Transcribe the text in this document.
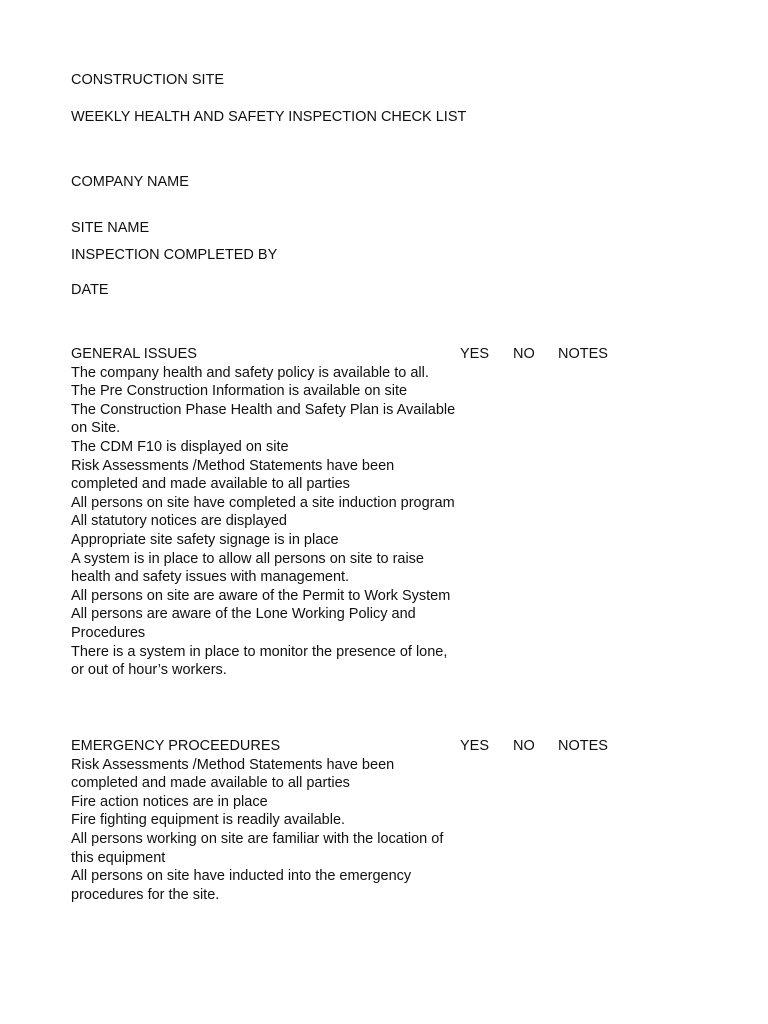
CONSTRUCTION SITE
WEEKLY HEALTH AND SAFETY INSPECTION CHECK LIST
COMPANY NAME
SITE NAME
INSPECTION COMPLETED BY
DATE
GENERAL ISSUES	YES NO NOTES
The company health and safety policy is available to all.
The Pre Construction Information is available on site
The Construction Phase Health and Safety Plan is Available on Site.
The CDM F10 is displayed on site
Risk Assessments /Method Statements have been completed and made available to all parties
All persons on site have completed a site induction program
All statutory notices are displayed
Appropriate site safety signage is in place
A system is in place to allow all persons on site to raise health and safety issues with management.
All persons on site are aware of the Permit to Work System
All persons are aware of the Lone Working Policy and Procedures
There is a system in place to monitor the presence of lone, or out of hour’s workers.
EMERGENCY PROCEEDURES	YES NO NOTES
Risk Assessments /Method Statements have been completed and made available to all parties
Fire action notices are in place
Fire fighting equipment is readily available.
All persons working on site are familiar with the location of this equipment
All persons on site have inducted into the emergency procedures for the site.
